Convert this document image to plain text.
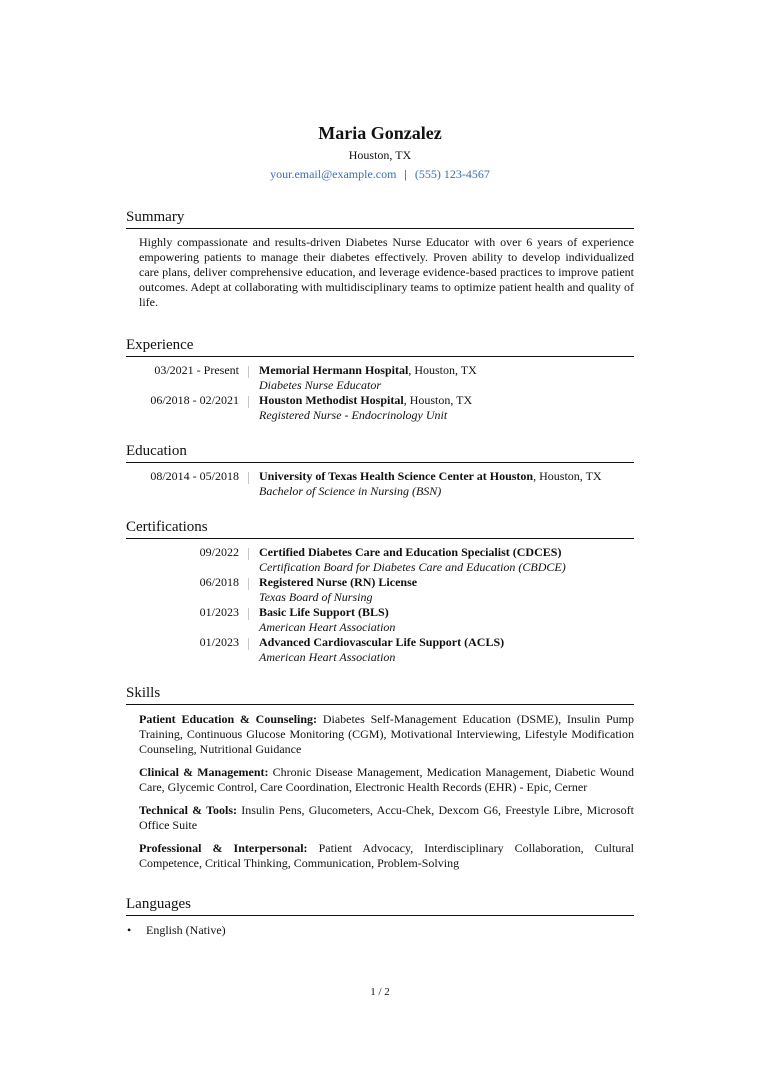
Maria Gonzalez
Houston, TX
your.email@example.com | (555) 123-4567
Summary
Highly compassionate and results-driven Diabetes Nurse Educator with over 6 years of experience empowering patients to manage their diabetes effectively. Proven ability to develop individualized care plans, deliver comprehensive education, and leverage evidence-based practices to improve patient outcomes. Adept at collaborating with multidisciplinary teams to optimize patient health and quality of life.
Experience
03/2021 - Present	Memorial Hermann Hospital, Houston, TX
Diabetes Nurse Educator
06/2018 - 02/2021	Houston Methodist Hospital, Houston, TX
Registered Nurse - Endocrinology Unit
Education
08/2014 - 05/2018	University of Texas Health Science Center at Houston, Houston, TX
Bachelor of Science in Nursing (BSN)
Certifications
09/2022	Certified Diabetes Care and Education Specialist (CDCES)
Certification Board for Diabetes Care and Education (CBDCE)
06/2018	Registered Nurse (RN) License
Texas Board of Nursing
01/2023	Basic Life Support (BLS)
American Heart Association
01/2023	Advanced Cardiovascular Life Support (ACLS)
American Heart Association
Skills
Patient Education & Counseling: Diabetes Self-Management Education (DSME), Insulin Pump Training, Continuous Glucose Monitoring (CGM), Motivational Interviewing, Lifestyle Modification Counseling, Nutritional Guidance
Clinical & Management: Chronic Disease Management, Medication Management, Diabetic Wound Care, Glycemic Control, Care Coordination, Electronic Health Records (EHR) - Epic, Cerner
Technical & Tools: Insulin Pens, Glucometers, Accu-Chek, Dexcom G6, Freestyle Libre, Microsoft Office Suite
Professional & Interpersonal: Patient Advocacy, Interdisciplinary Collaboration, Cultural Competence, Critical Thinking, Communication, Problem-Solving
Languages
•	English (Native)
1 / 2
